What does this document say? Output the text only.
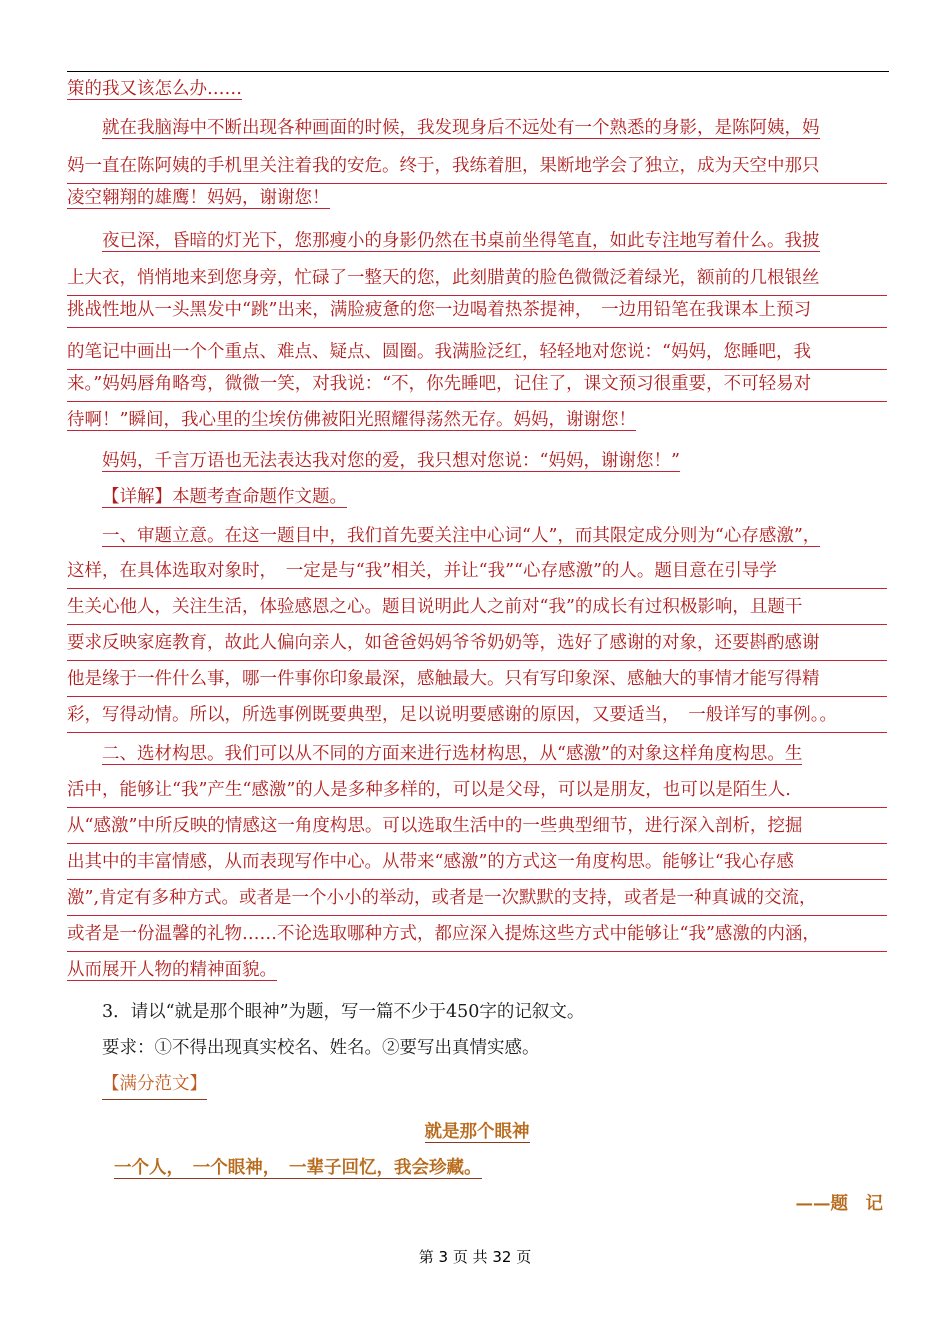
策的我又该怎么办……
就在我脑海中不断出现各种画面的时候，我发现身后不远处有一个熟悉的身影，是陈阿姨，妈
妈一直在陈阿姨的手机里关注着我的安危。终于，我练着胆，果断地学会了独立，成为天空中那只
凌空翱翔的雄鹰！妈妈，谢谢您！
夜已深，昏暗的灯光下，您那瘦小的身影仍然在书桌前坐得笔直，如此专注地写着什么。我披
上大衣，悄悄地来到您身旁，忙碌了一整天的您，此刻腊黄的脸色微微泛着绿光，额前的几根银丝
挑战性地从一头黑发中“跳”出来，满脸疲惫的您一边喝着热茶提神，　一边用铅笔在我课本上预习
的笔记中画出一个个重点、难点、疑点、圆圈。我满脸泛红，轻轻地对您说：“妈妈，您睡吧，我
来。”妈妈唇角略弯，微微一笑，对我说：“不，你先睡吧，记住了，课文预习很重要，不可轻易对
待啊！”瞬间，我心里的尘埃仿佛被阳光照耀得荡然无存。妈妈，谢谢您！
妈妈，千言万语也无法表达我对您的爱，我只想对您说：“妈妈，谢谢您！”
【详解】本题考查命题作文题。
一、审题立意。在这一题目中，我们首先要关注中心词“人”，而其限定成分则为“心存感激”，
这样，在具体选取对象时，　一定是与“我”相关，并让“我”“心存感激”的人。题目意在引导学
生关心他人，关注生活，体验感恩之心。题目说明此人之前对“我”的成长有过积极影响，且题干
要求反映家庭教育，故此人偏向亲人，如爸爸妈妈爷爷奶奶等，选好了感谢的对象，还要斟酌感谢
他是缘于一件什么事，哪一件事你印象最深，感触最大。只有写印象深、感触大的事情才能写得精
彩，写得动情。所以，所选事例既要典型，足以说明要感谢的原因，又要适当，　一般详写的事例。。
二、选材构思。我们可以从不同的方面来进行选材构思，从“感激”的对象这样角度构思。生
活中，能够让“我”产生“感激”的人是多种多样的，可以是父母，可以是朋友，也可以是陌生人.
从“感激”中所反映的情感这一角度构思。可以选取生活中的一些典型细节，进行深入剖析，挖掘
出其中的丰富情感，从而表现写作中心。从带来“感激”的方式这一角度构思。能够让“我心存感
激”,肯定有多种方式。或者是一个小小的举动，或者是一次默默的支持，或者是一种真诚的交流，
或者是一份温馨的礼物……不论选取哪种方式，都应深入提炼这些方式中能够让“我”感激的内涵，
从而展开人物的精神面貌。
3．请以“就是那个眼神”为题，写一篇不少于450字的记叙文。
要求：①不得出现真实校名、姓名。②要写出真情实感。
【满分范文】
就是那个眼神
一个人，　一个眼神，　一辈子回忆，我会珍藏。
——题　记
第 3 页 共 32 页
